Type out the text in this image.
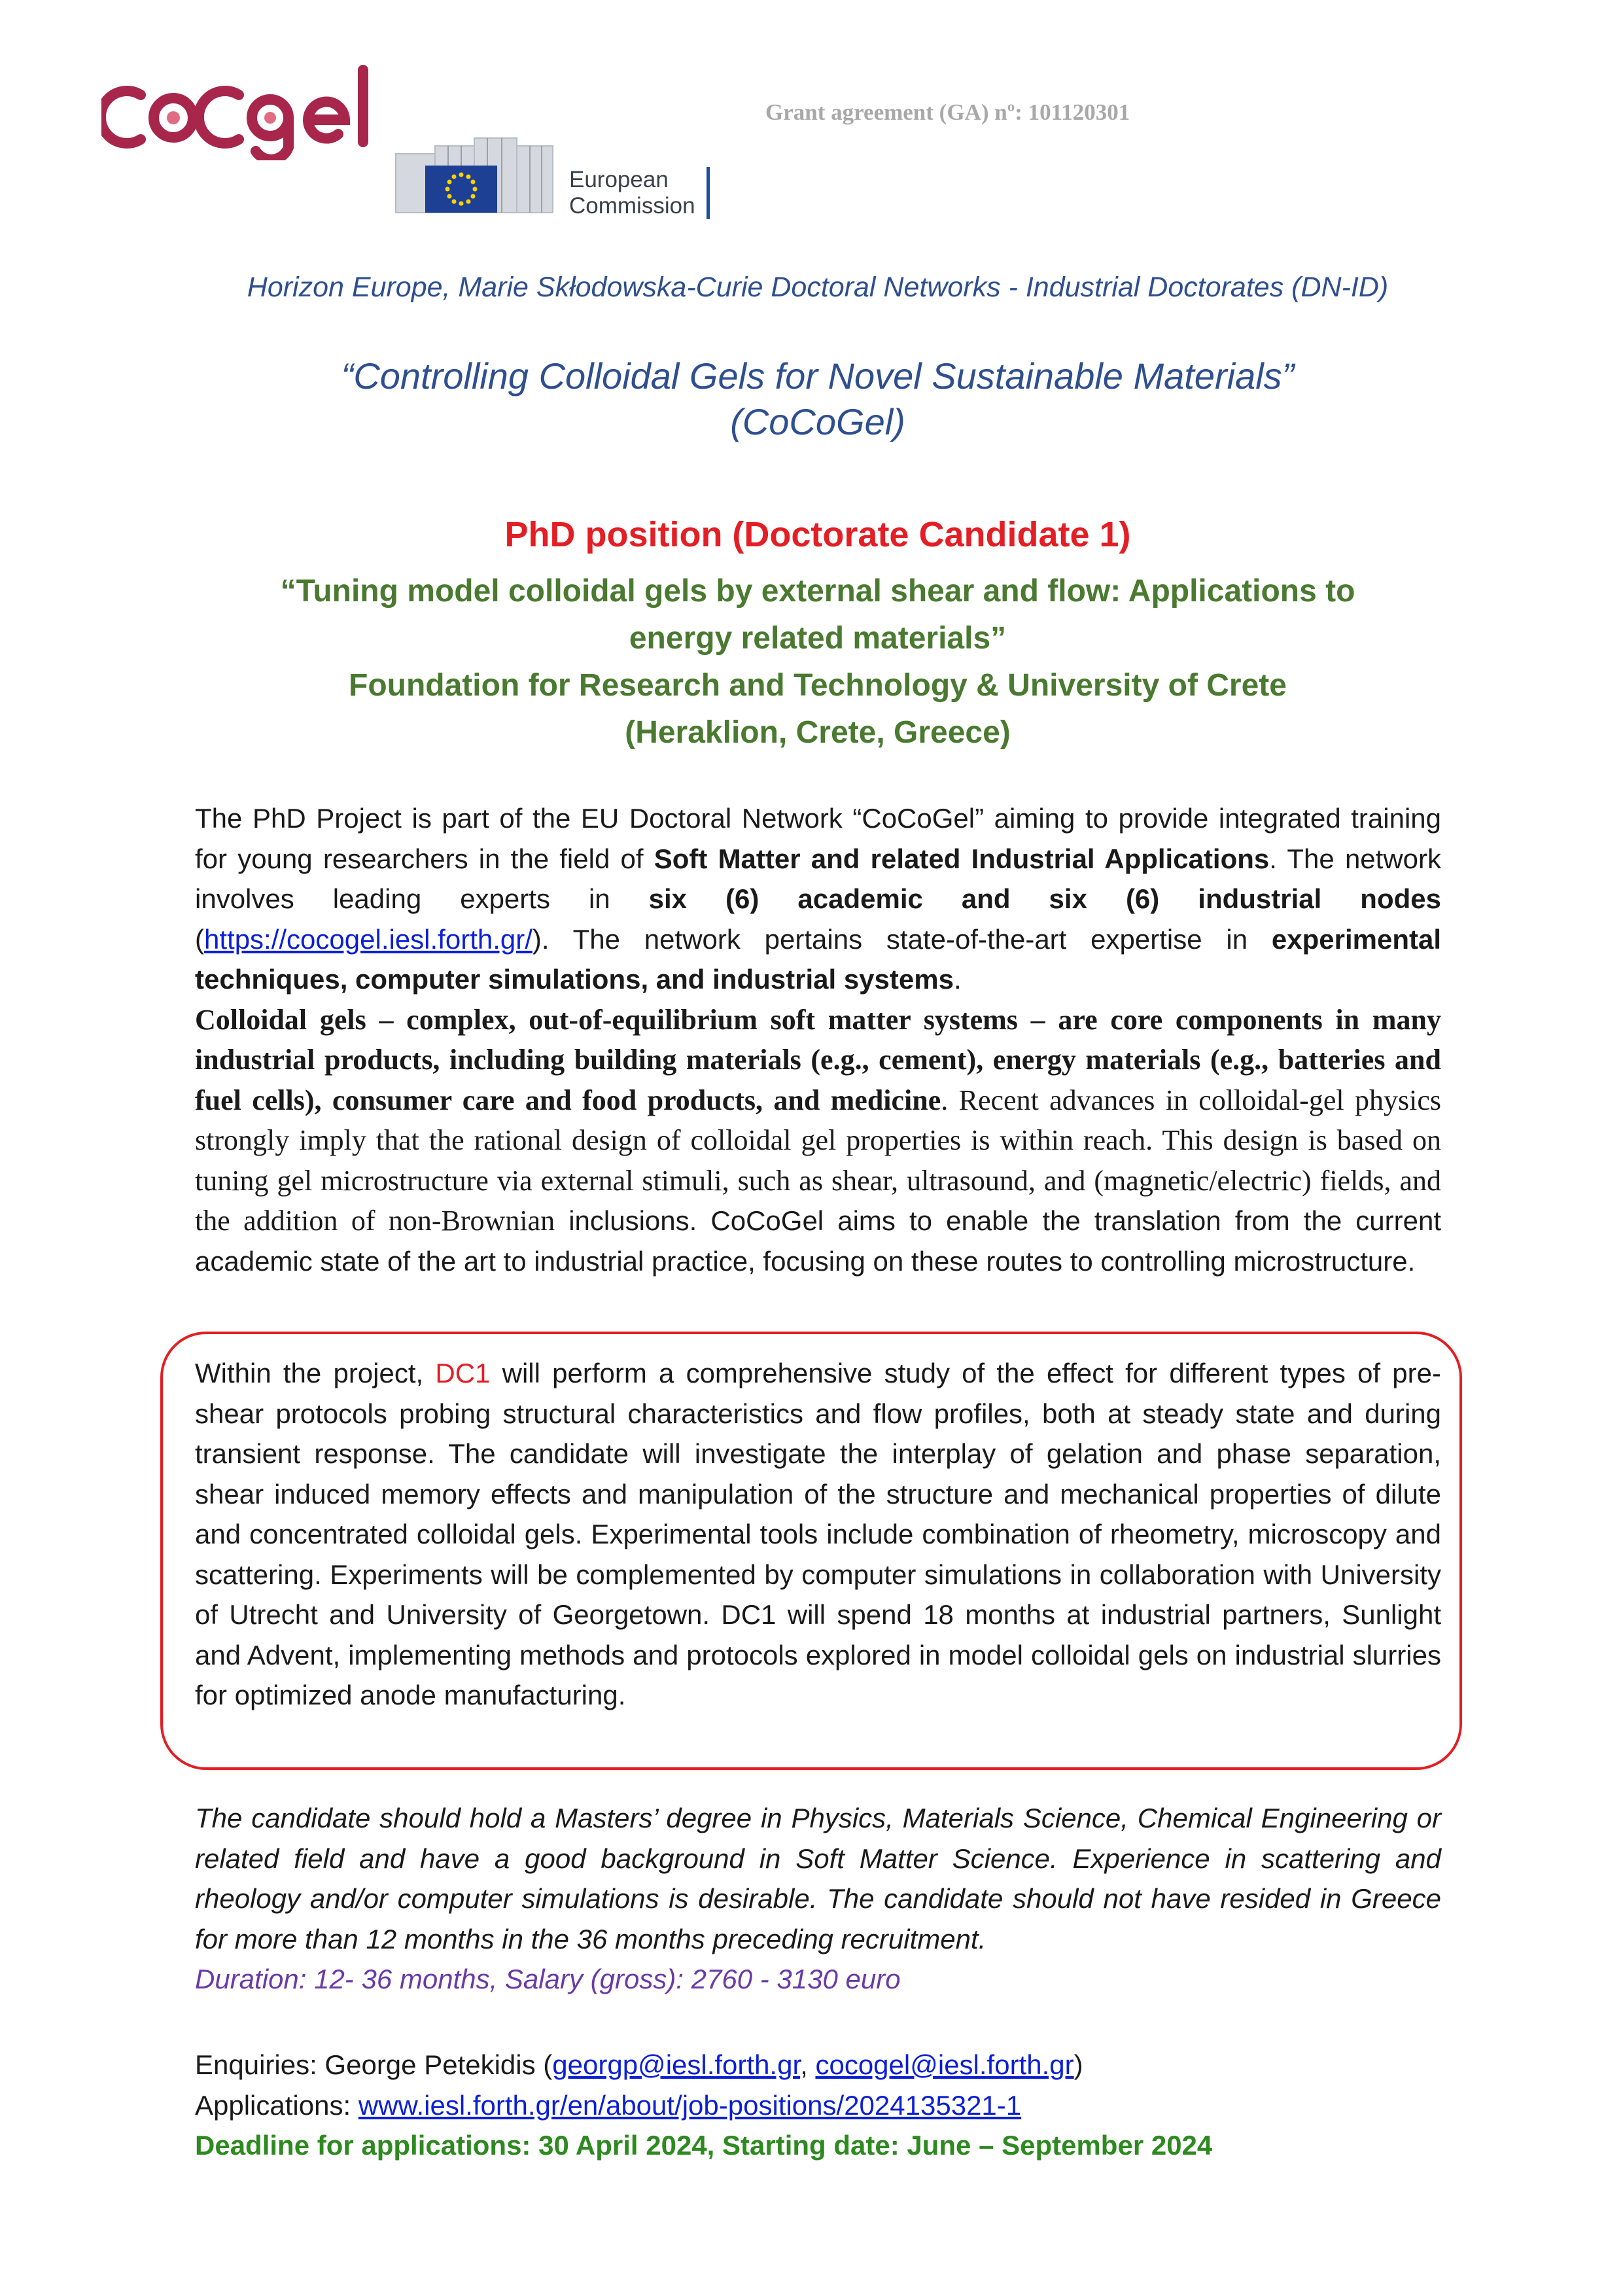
Grant agreement (GA) nº: 101120301
European
Commission
Horizon Europe, Marie Skłodowska-Curie Doctoral Networks - Industrial Doctorates (DN-ID)
“Controlling Colloidal Gels for Novel Sustainable Materials”
(CoCoGel)
PhD position (Doctorate Candidate 1)
“Tuning model colloidal gels by external shear and flow: Applications to
energy related materials”
Foundation for Research and Technology & University of Crete
(Heraklion, Crete, Greece)

The PhD Project is part of the EU Doctoral Network “CoCoGel” aiming to provide integrated training for young researchers in the field of Soft Matter and related Industrial Applications. The network involves leading experts in six (6) academic and six (6) industrial nodes (https://cocogel.iesl.forth.gr/). The network pertains state-of-the-art expertise in experimental techniques, computer simulations, and industrial systems.

Colloidal gels – complex, out-of-equilibrium soft matter systems – are core components in many industrial products, including building materials (e.g., cement), energy materials (e.g., batteries and fuel cells), consumer care and food products, and medicine. Recent advances in colloidal-gel physics strongly imply that the rational design of colloidal gel properties is within reach. This design is based on tuning gel microstructure via external stimuli, such as shear, ultrasound, and (magnetic/electric) fields, and the addition of non-Brownian inclusions. CoCoGel aims to enable the translation from the current academic state of the art to industrial practice, focusing on these routes to controlling microstructure.

Within the project, DC1 will perform a comprehensive study of the effect for different types of pre-shear protocols probing structural characteristics and flow profiles, both at steady state and during transient response. The candidate will investigate the interplay of gelation and phase separation, shear induced memory effects and manipulation of the structure and mechanical properties of dilute and concentrated colloidal gels. Experimental tools include combination of rheometry, microscopy and scattering. Experiments will be complemented by computer simulations in collaboration with University of Utrecht and University of Georgetown. DC1 will spend 18 months at industrial partners, Sunlight and Advent, implementing methods and protocols explored in model colloidal gels on industrial slurries for optimized anode manufacturing.

The candidate should hold a Masters’ degree in Physics, Materials Science, Chemical Engineering or related field and have a good background in Soft Matter Science. Experience in scattering and rheology and/or computer simulations is desirable. The candidate should not have resided in Greece for more than 12 months in the 36 months preceding recruitment.

Duration: 12- 36 months, Salary (gross): 2760 - 3130 euro

Enquiries: George Petekidis (georgp@iesl.forth.gr, cocogel@iesl.forth.gr)

Applications: www.iesl.forth.gr/en/about/job-positions/2024135321-1

Deadline for applications: 30 April 2024, Starting date: June – September 2024
